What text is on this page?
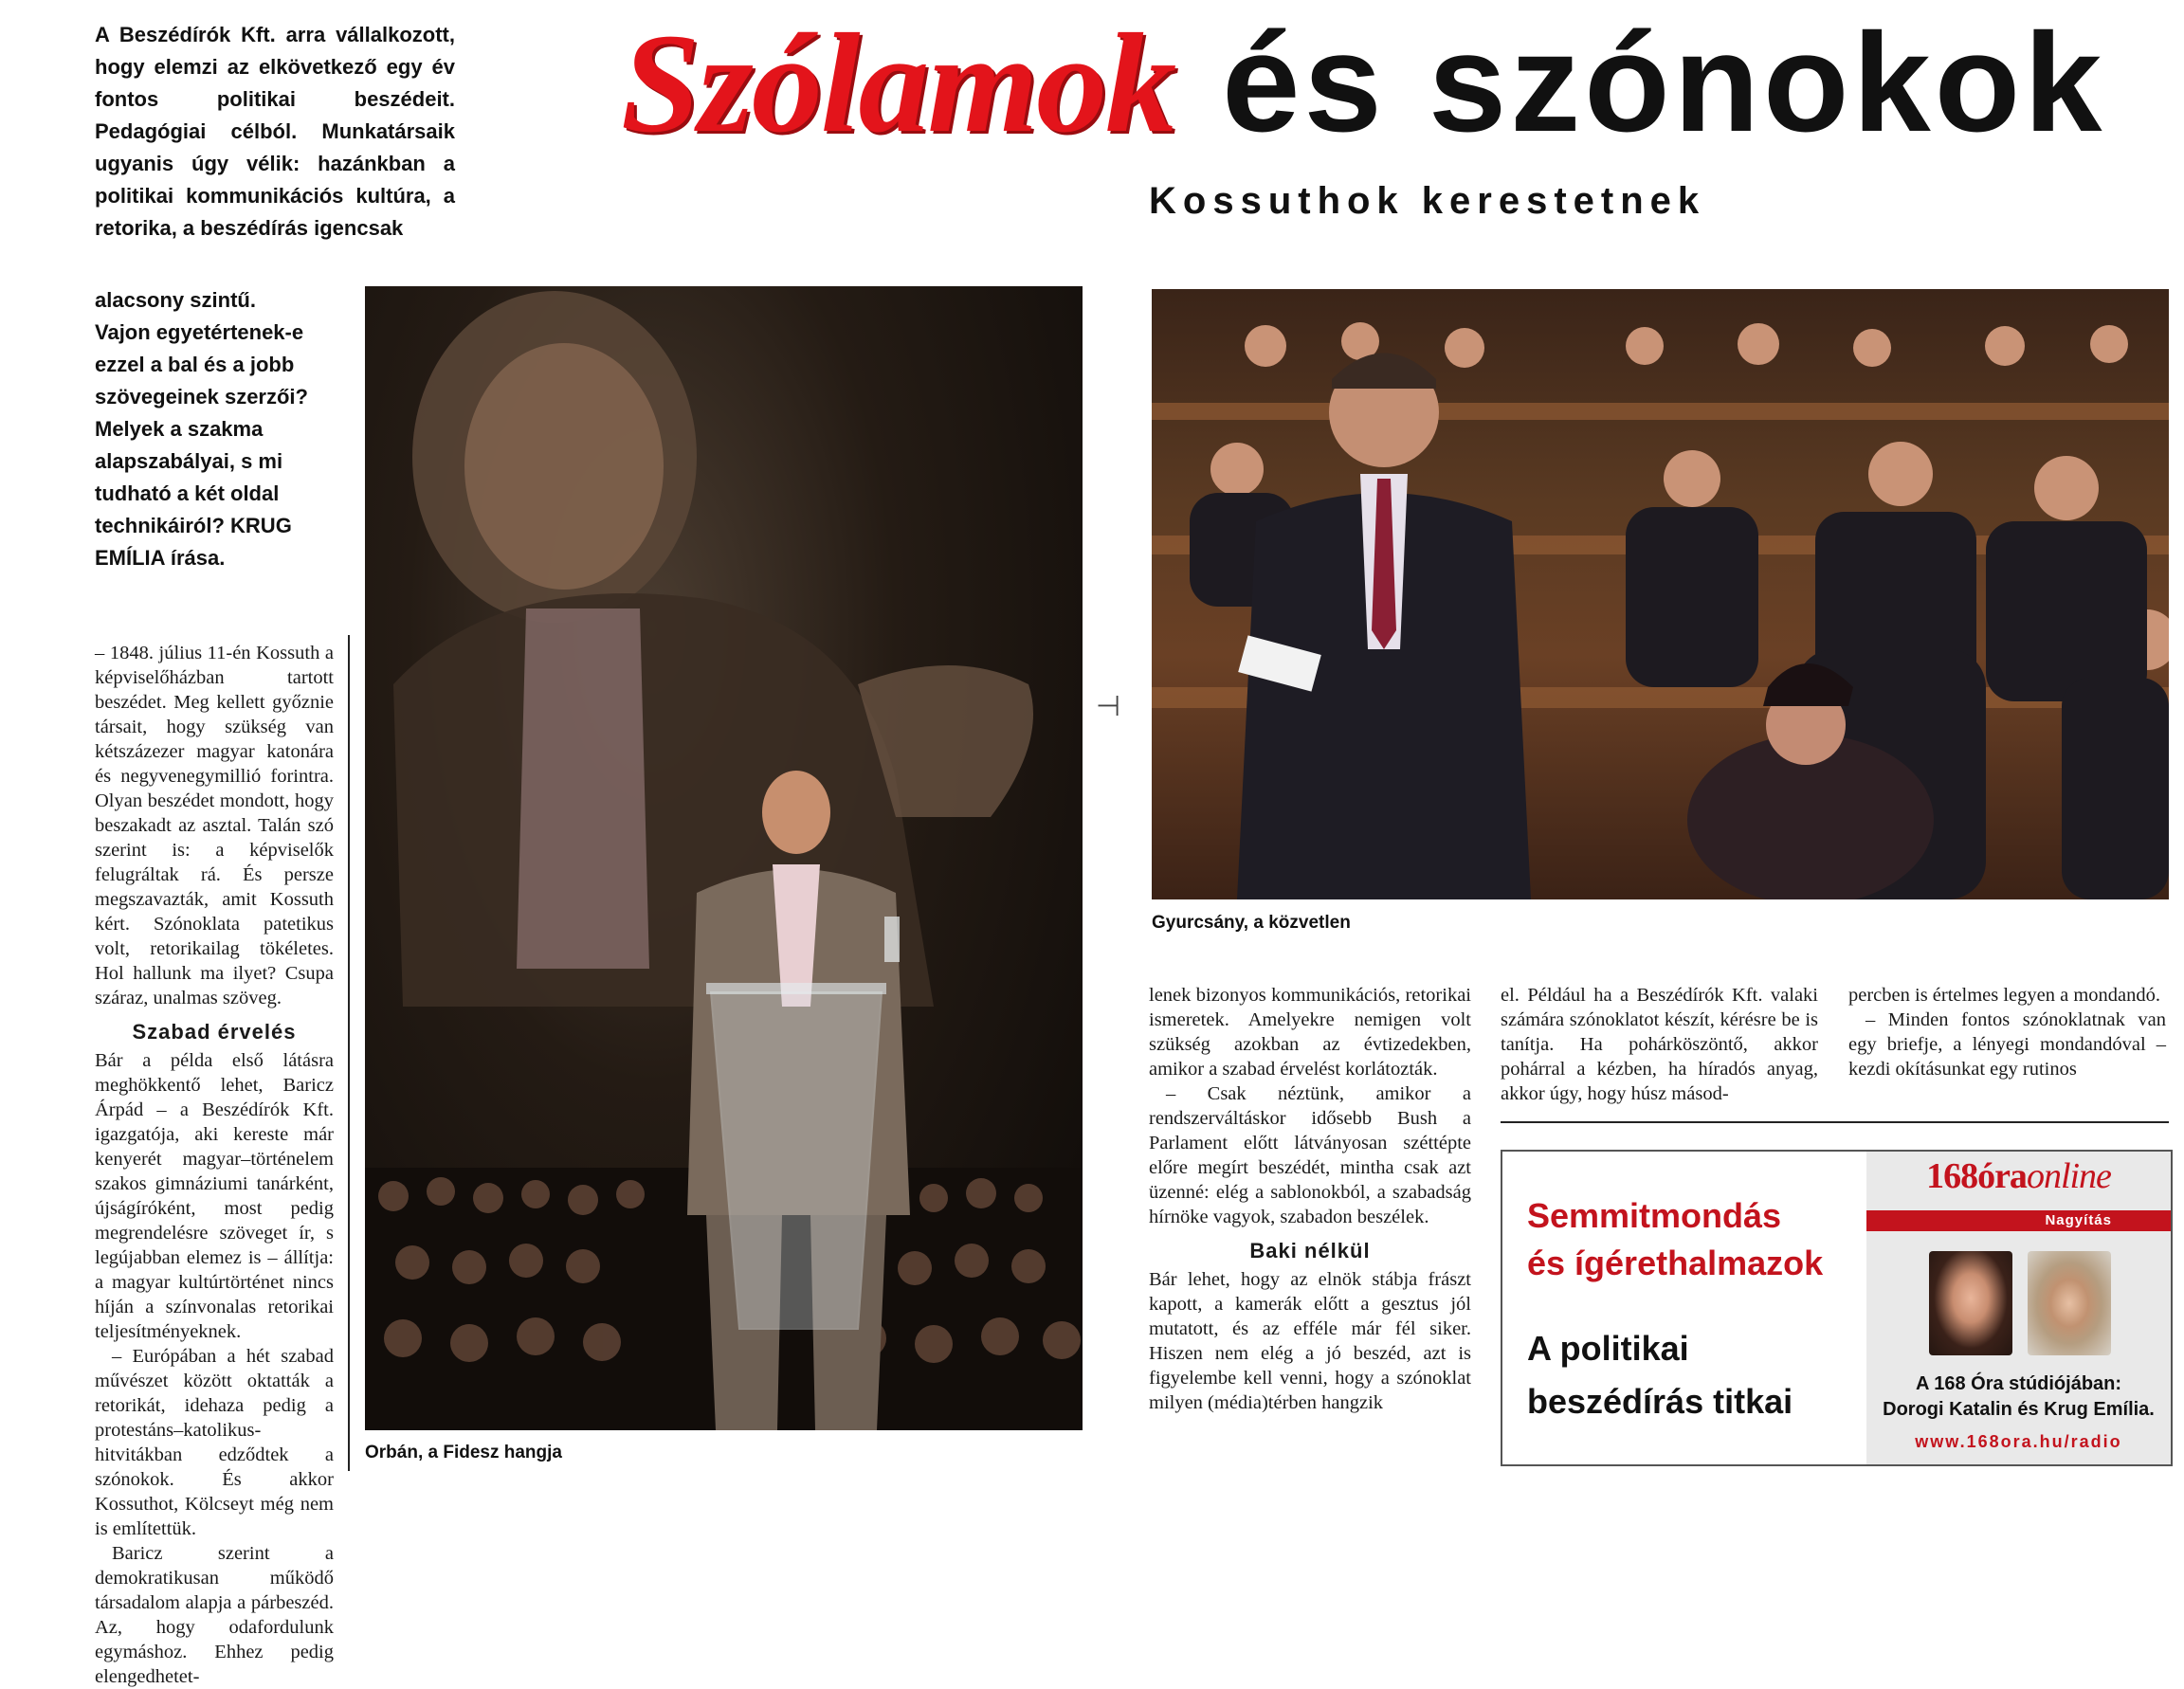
Szólamok és szónokok
Kossuthok kerestetnek
A Beszédírók Kft. arra vállalkozott, hogy elemzi az elkövetkező egy év fontos politikai beszédeit. Pedagógiai célból. Munkatársaik ugyanis úgy vélik: hazánkban a politikai kommunikációs kultúra, a retorika, a beszédírás igencsak
alacsony szintű. Vajon egyetértenek-e ezzel a bal és a jobb szövegeinek szerzői? Melyek a szakma alapszabályai, s mi tudható a két oldal technikáiról? KRUG EMÍLIA írása.

– 1848. július 11-én Kossuth a képviselőházban tartott beszédet. Meg kellett győznie társait, hogy szükség van kétszázezer magyar katonára és negyvenegymillió forintra. Olyan beszédet mondott, hogy beszakadt az asztal. Talán szó szerint is: a képviselők felugráltak rá. És persze megszavazták, amit Kossuth kért. Szónoklata patetikus volt, retorikailag tökéletes. Hol hallunk ma ilyet? Csupa száraz, unalmas szöveg.

Szabad érvelés

Bár a példa első látásra meghökkentő lehet, Baricz Árpád – a Beszédírók Kft. igazgatója, aki kereste már kenyerét magyar–történelem szakos gimnáziumi tanárként, újságíróként, most pedig megrendelésre szöveget ír, s legújabban elemez is – állítja: a magyar kultúrtörténet nincs híján a színvonalas retorikai teljesítményeknek.

– Európában a hét szabad művészet között oktatták a retorikát, idehaza pedig a protestáns–katolikus-hitvitákban edződtek a szónokok. És akkor Kossuthot, Kölcseyt még nem is említettük.

Baricz szerint a demokratikusan működő társadalom alapja a párbeszéd. Az, hogy odafordulunk egymáshoz. Ehhez pedig elengedhetet-

Orbán, a Fidesz hangja
⊣
Gyurcsány, a közvetlen

lenek bizonyos kommunikációs, retorikai ismeretek. Amelyekre nemigen volt szükség azokban az évtizedekben, amikor a szabad érvelést korlátozták.

– Csak néztünk, amikor a rendszerváltáskor idősebb Bush a Parlament előtt látványosan széttépte előre megírt beszédét, mintha csak azt üzenné: elég a sablonokból, a szabadság hírnöke vagyok, szabadon beszélek.

Baki nélkül

Bár lehet, hogy az elnök stábja frászt kapott, a kamerák előtt a gesztus jól mutatott, és az efféle már fél siker. Hiszen nem elég a jó beszéd, azt is figyelembe kell venni, hogy a szónoklat milyen (média)térben hangzik

el. Például ha a Beszédírók Kft. valaki számára szónoklatot készít, kérésre be is tanítja. Ha pohárköszöntő, akkor pohárral a kézben, ha híradós anyag, akkor úgy, hogy húsz másod-

percben is értelmes legyen a mondandó.

– Minden fontos szónoklatnak van egy briefje, a lényegi mondandóval – kezdi okításunkat egy rutinos

Semmitmondás
és ígérethalmazok
A politikai
beszédírás titkai
168óraonline
Nagyítás
A 168 Óra stúdiójában:
Dorogi Katalin és Krug Emília.
www.168ora.hu/radio
